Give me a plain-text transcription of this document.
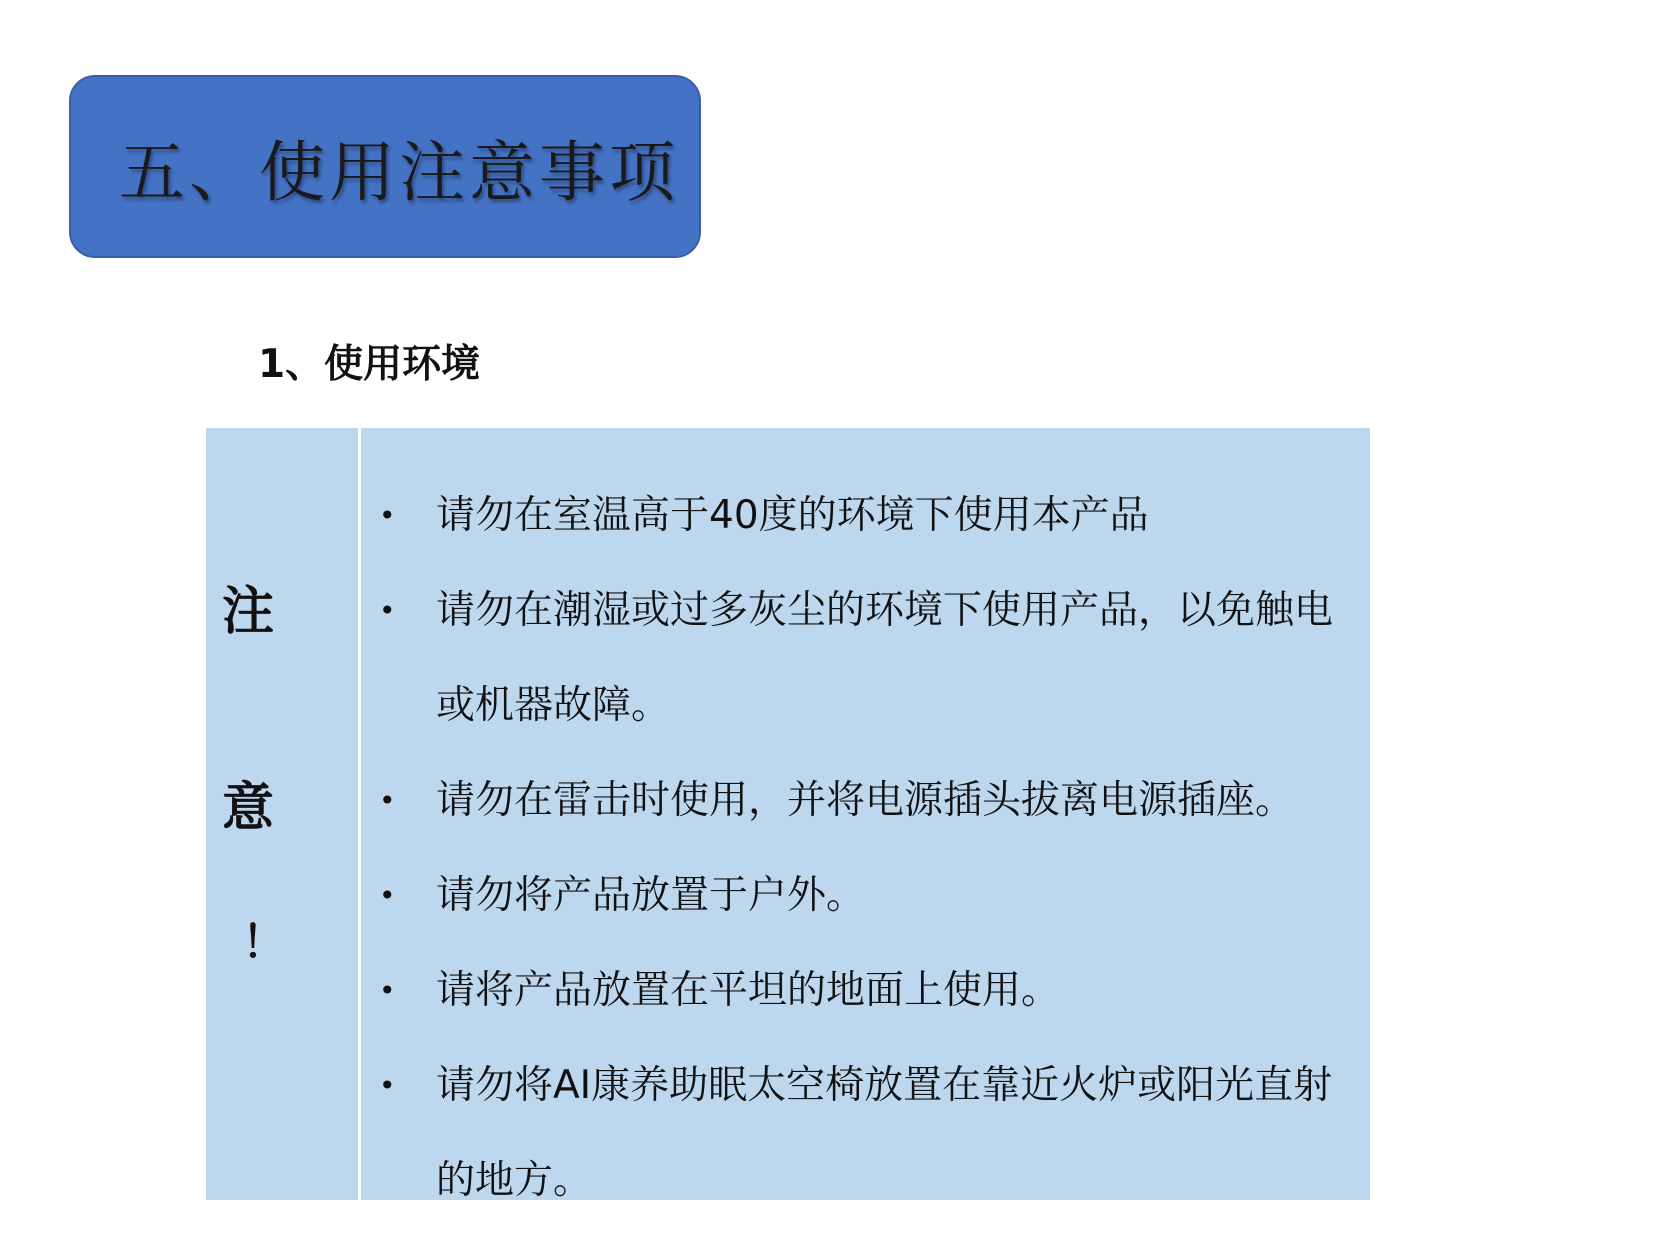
五、使用注意事项
1、使用环境
注
意
！
• 请勿在室温高于40度的环境下使用本产品
• 请勿在潮湿或过多灰尘的环境下使用产品，以免触电或机器故障。
• 请勿在雷击时使用，并将电源插头拔离电源插座。
• 请勿将产品放置于户外。
• 请将产品放置在平坦的地面上使用。
• 请勿将AI康养助眠太空椅放置在靠近火炉或阳光直射的地方。
